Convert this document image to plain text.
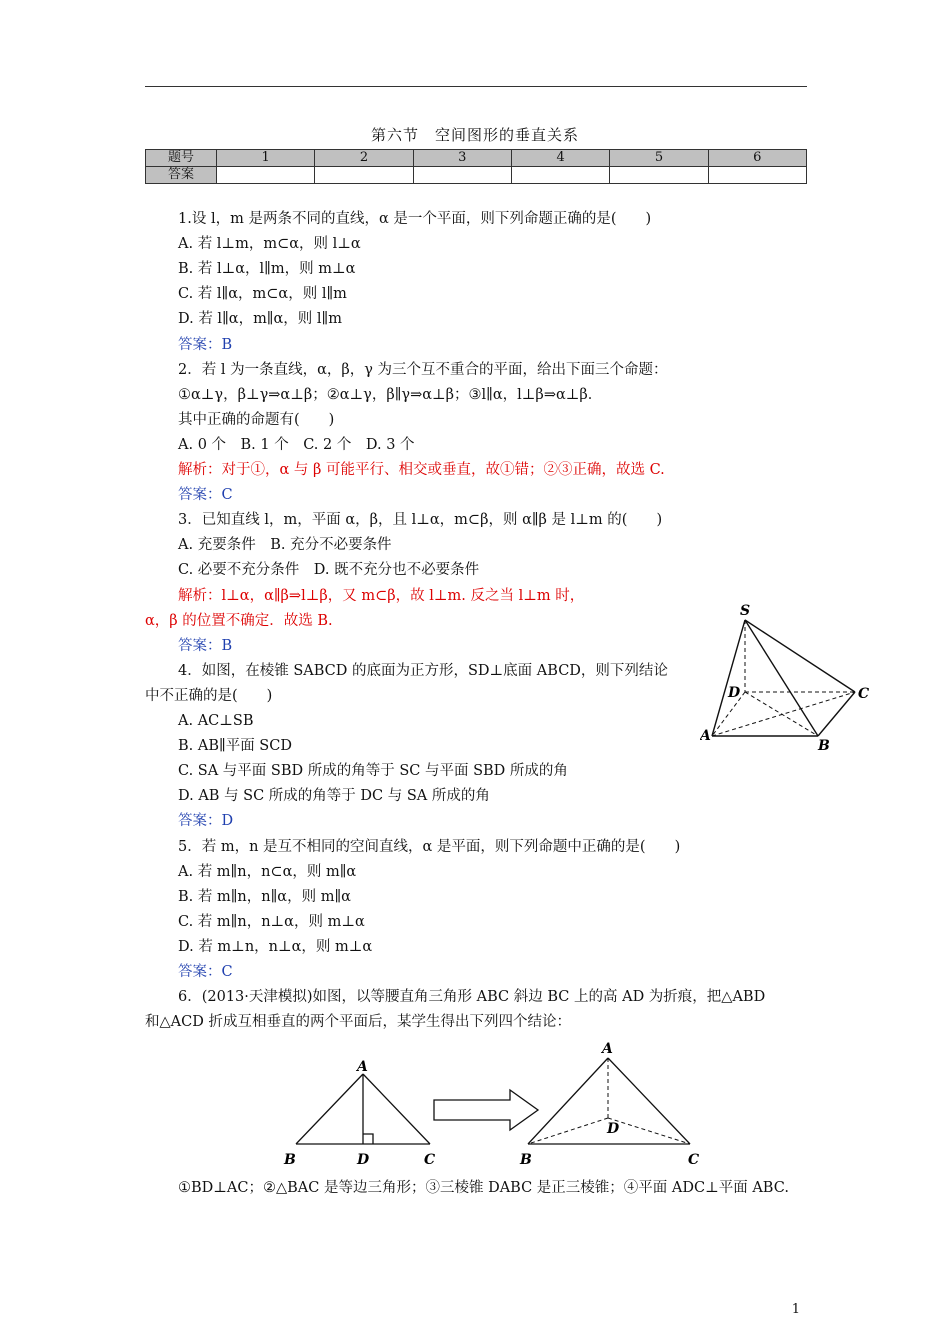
第六节　空间图形的垂直关系
题号	1	2	3	4	5	6
答案						
1.设 l，m 是两条不同的直线，α 是一个平面，则下列命题正确的是(　　)
A. 若 l⊥m，m⊂α，则 l⊥α
B. 若 l⊥α，l∥m，则 m⊥α
C. 若 l∥α，m⊂α，则 l∥m
D. 若 l∥α，m∥α，则 l∥m
答案：B
2．若 l 为一条直线，α，β，γ 为三个互不重合的平面，给出下面三个命题：
①α⊥γ，β⊥γ⇒α⊥β；②α⊥γ，β∥γ⇒α⊥β；③l∥α，l⊥β⇒α⊥β．
其中正确的命题有(　　)
A. 0 个　B. 1 个　C. 2 个　D. 3 个
解析：对于①，α 与 β 可能平行、相交或垂直，故①错；②③正确，故选 C.
答案：C
3．已知直线 l，m，平面 α，β，且 l⊥α，m⊂β，则 α∥β 是 l⊥m 的(　　)
A. 充要条件　B. 充分不必要条件
C. 必要不充分条件　D. 既不充分也不必要条件
解析：l⊥α，α∥β⇒l⊥β，又 m⊂β，故 l⊥m. 反之当 l⊥m 时，
α，β 的位置不确定．故选 B.
答案：B
4．如图，在棱锥 SABCD 的底面为正方形，SD⊥底面 ABCD，则下列结论
中不正确的是(　　)
A. AC⊥SB
B. AB∥平面 SCD
C. SA 与平面 SBD 所成的角等于 SC 与平面 SBD 所成的角
D. AB 与 SC 所成的角等于 DC 与 SA 所成的角
答案：D
5．若 m，n 是互不相同的空间直线，α 是平面，则下列命题中正确的是(　　)
A. 若 m∥n，n⊂α，则 m∥α
B. 若 m∥n，n∥α，则 m∥α
C. 若 m∥n，n⊥α，则 m⊥α
D. 若 m⊥n，n⊥α，则 m⊥α
答案：C
6．(2013·天津模拟)如图，以等腰直角三角形 ABC 斜边 BC 上的高 AD 为折痕，把△ABD
和△ACD 折成互相垂直的两个平面后，某学生得出下列四个结论：
S
D	C
A
B
A
B	D	C
A
D
B	C
①BD⊥AC；②△BAC 是等边三角形；③三棱锥 DABC 是正三棱锥；④平面 ADC⊥平面 ABC.
1
